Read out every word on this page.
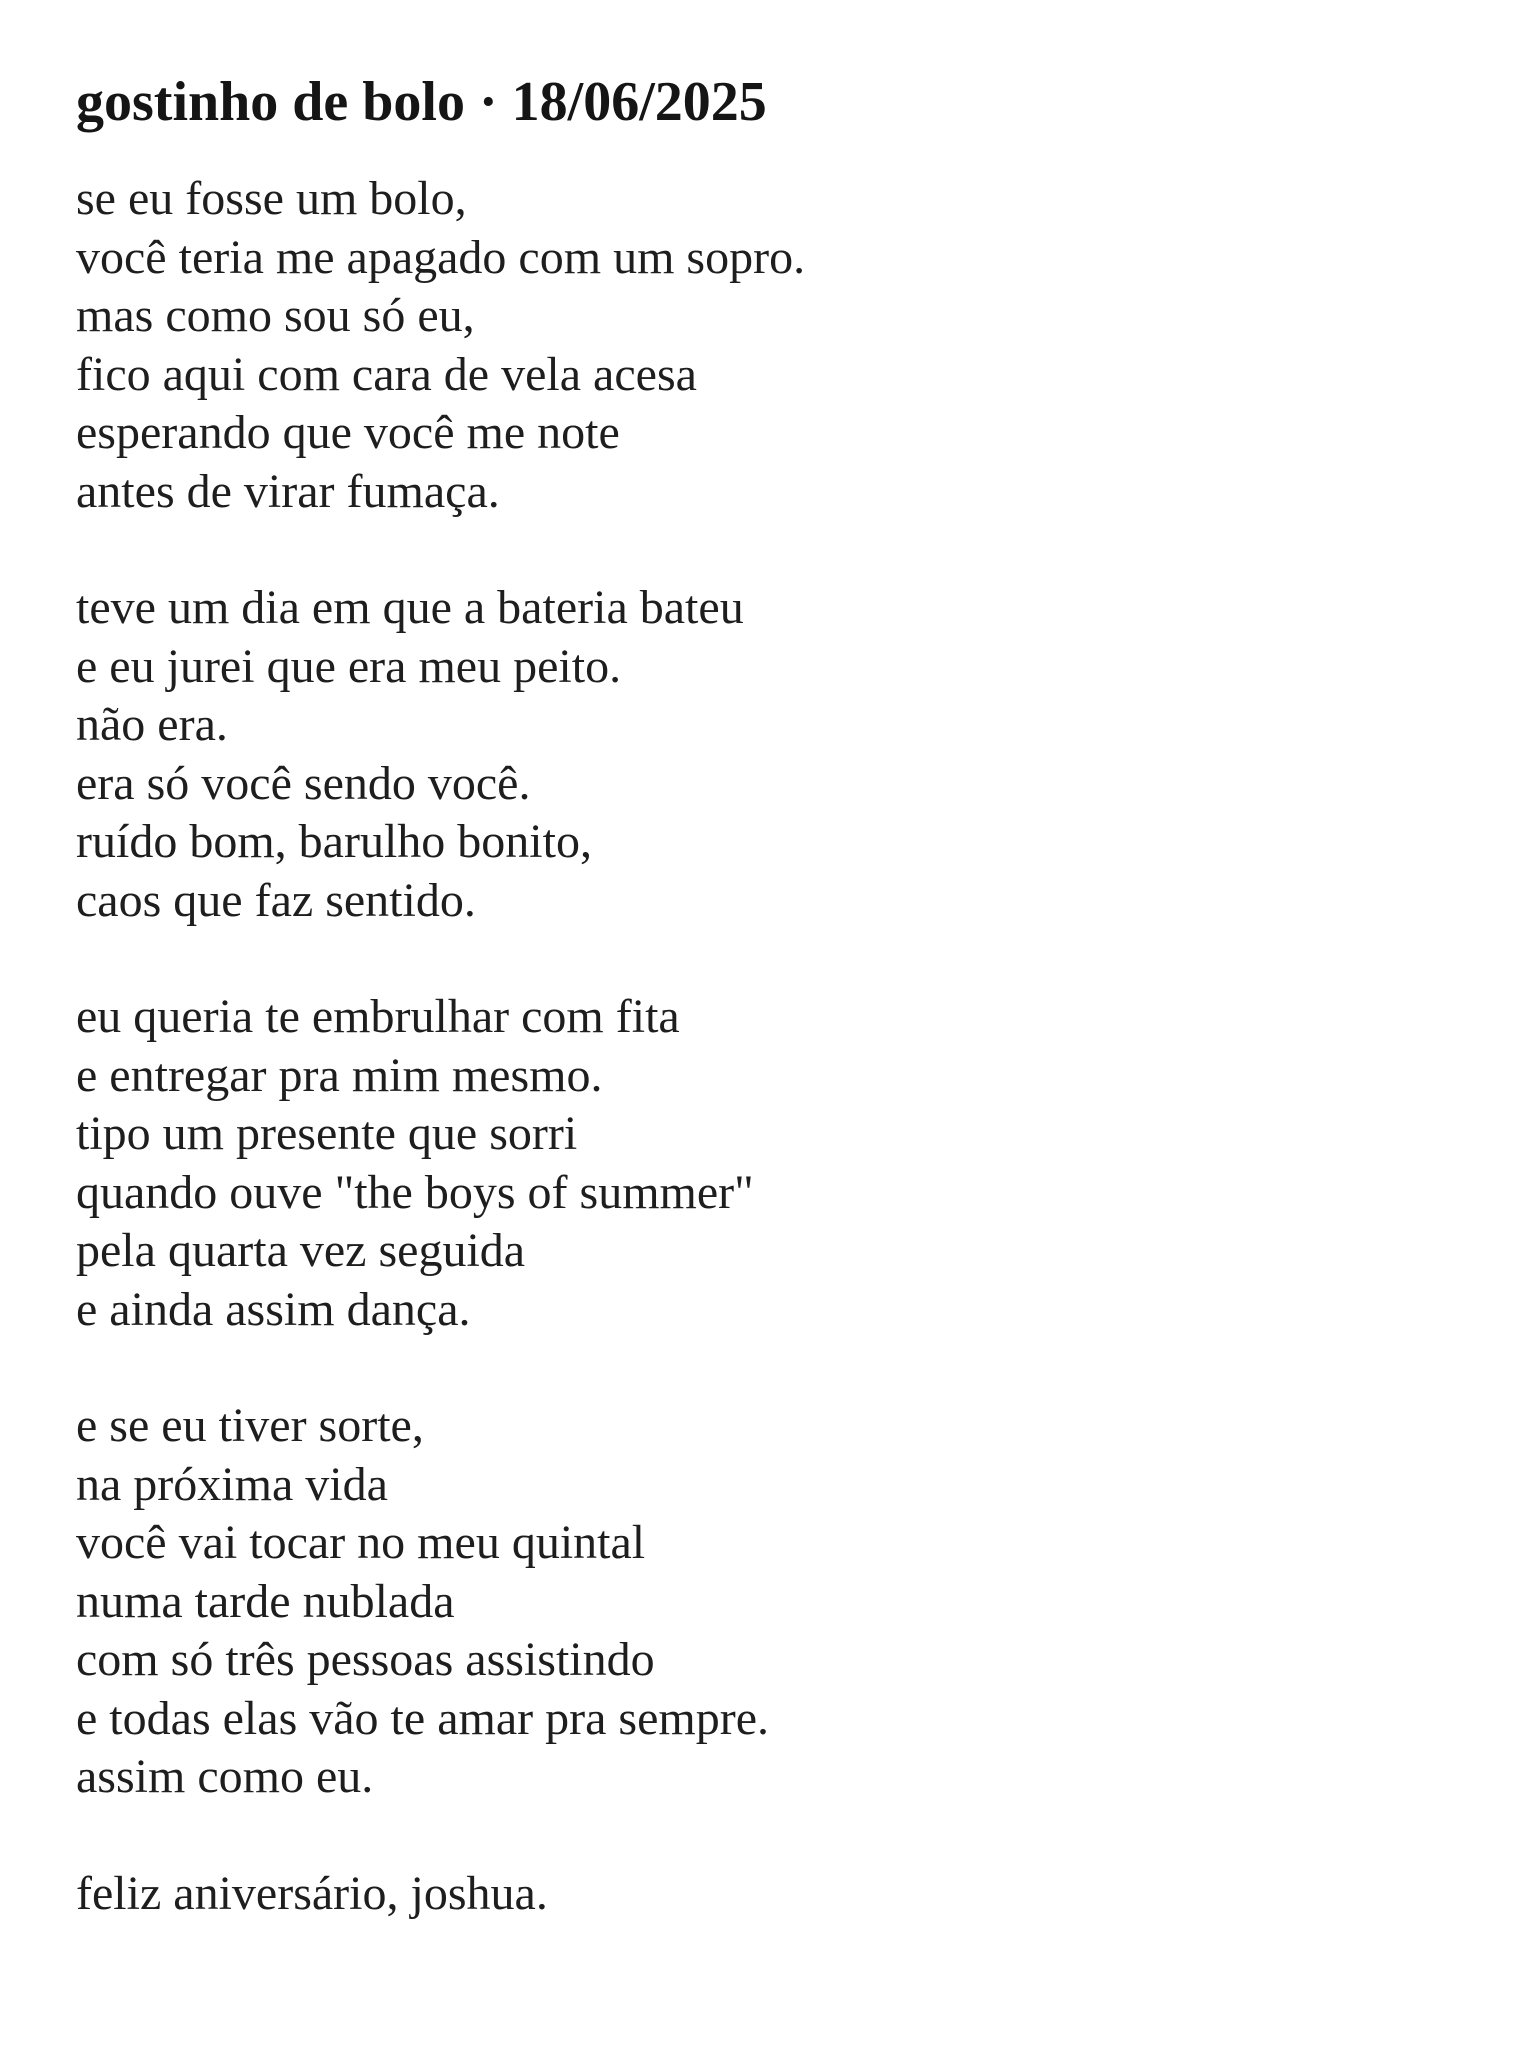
gostinho de bolo · 18/06/2025
se eu fosse um bolo,
você teria me apagado com um sopro.
mas como sou só eu,
fico aqui com cara de vela acesa
esperando que você me note
antes de virar fumaça.
teve um dia em que a bateria bateu
e eu jurei que era meu peito.
não era.
era só você sendo você.
ruído bom, barulho bonito,
caos que faz sentido.
eu queria te embrulhar com fita
e entregar pra mim mesmo.
tipo um presente que sorri
quando ouve "the boys of summer"
pela quarta vez seguida
e ainda assim dança.
e se eu tiver sorte,
na próxima vida
você vai tocar no meu quintal
numa tarde nublada
com só três pessoas assistindo
e todas elas vão te amar pra sempre.
assim como eu.
feliz aniversário, joshua.
